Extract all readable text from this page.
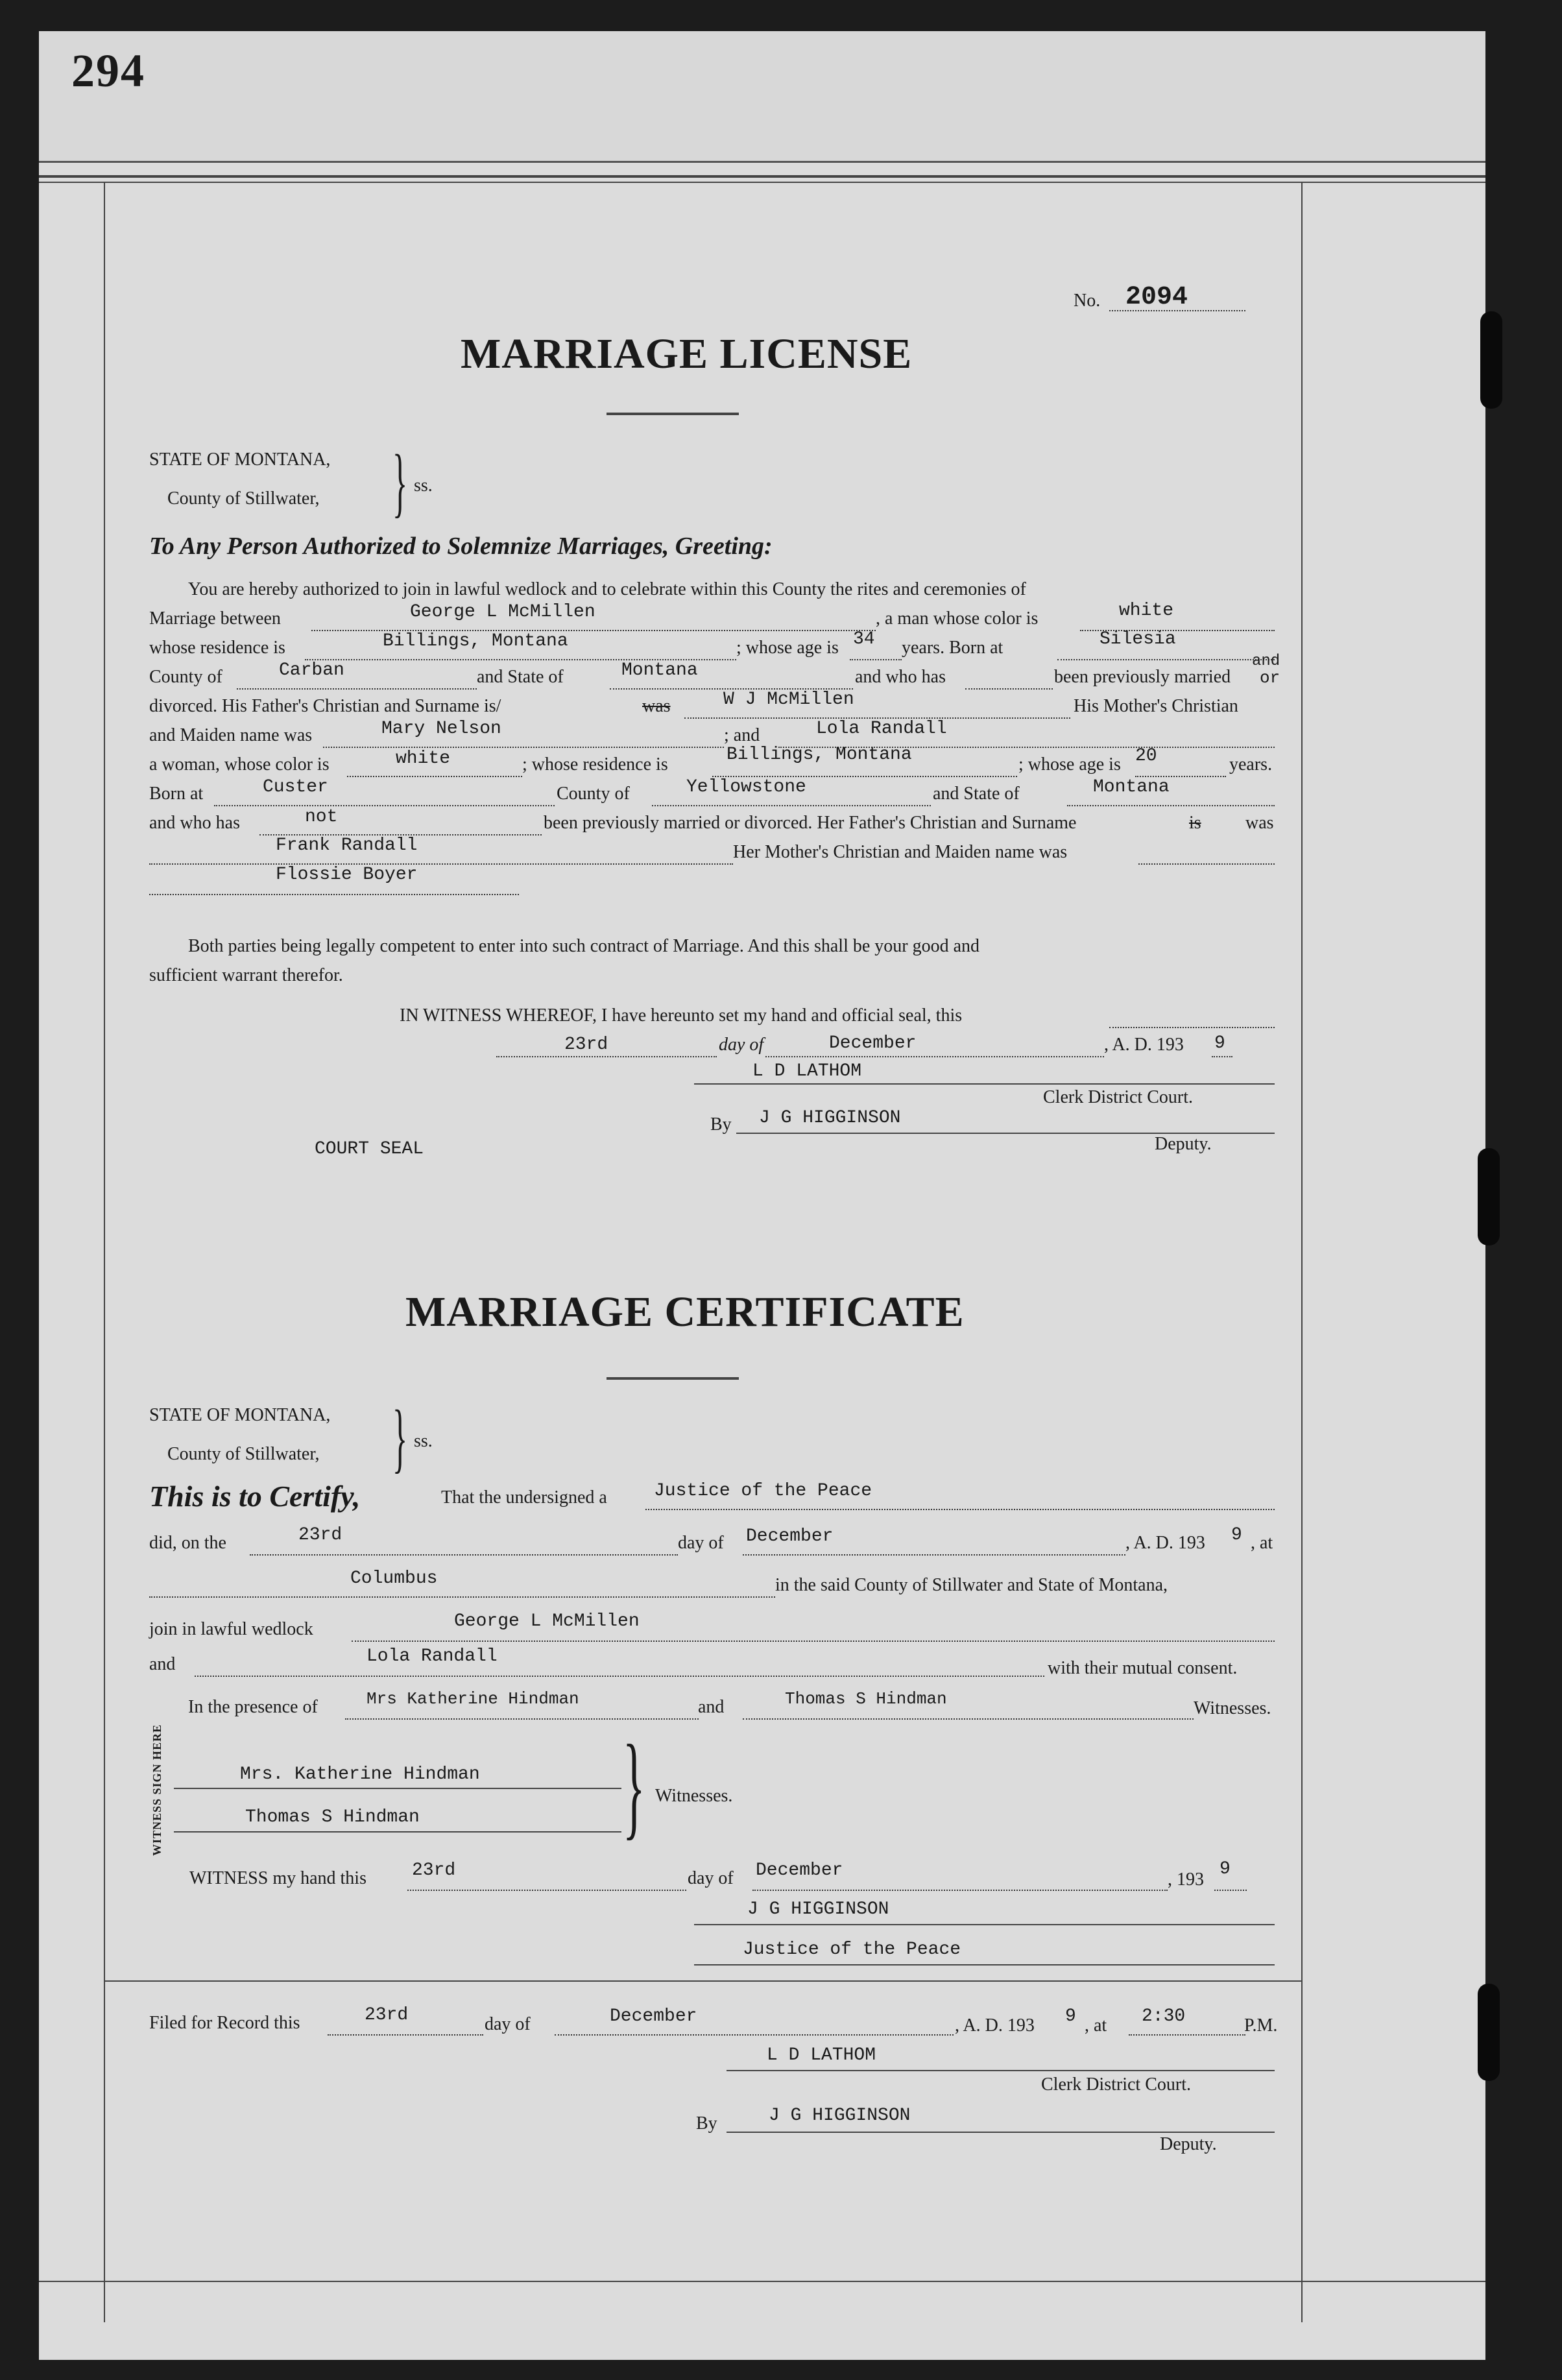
294
No. 2094
MARRIAGE LICENSE
STATE OF MONTANA,
County of Stillwater, } ss.
To Any Person Authorized to Solemnize Marriages, Greeting:
You are hereby authorized to join in lawful wedlock and to celebrate within this County the rites and ceremonies of
Marriage between	George L McMillen	, a man whose color is	white
whose residence is	Billings, Montana	; whose age is 34 years. Born at	Silesia
County of	Carban	and State of	Montana	and who has	been previously married
and
or
divorced. His Father's Christian and Surname is/	was	W J McMillen	His Mother's Christian
and Maiden name was	Mary Nelson	; and	Lola Randall
a woman, whose color is	white	; whose residence is	Billings, Montana	; whose age is 20	years.
Born at	Custer	County of	Yellowstone	and State of	Montana
and who has	not	been previously married or divorced. Her Father's Christian and Surname	is was
Frank Randall	Her Mother's Christian and Maiden name was
Flossie Boyer
Both parties being legally competent to enter into such contract of Marriage. And this shall be your good and
sufficient warrant therefor.
IN WITNESS WHEREOF, I have hereunto set my hand and official seal, this
23rd	day of	December	, A. D. 193 9
L D LATHOM
Clerk District Court.
By J G HIGGINSON
Deputy.
COURT SEAL
MARRIAGE CERTIFICATE
STATE OF MONTANA,
County of Stillwater, } ss.
This is to Certify,	That the undersigned a	Justice of the Peace
did, on the	23rd	day of December	, A. D. 193 9 , at
Columbus	in the said County of Stillwater and State of Montana,
join in lawful wedlock	George L McMillen
and	Lola Randall
with their mutual consent.
In the presence of	Mrs Katherine Hindman	and	Thomas S Hindman	Witnesses.
WITNESS SIGN HERE	Mrs. Katherine Hindman
Thomas S Hindman } Witnesses.
WITNESS my hand this	23rd	day of December	, 193
9
J G HIGGINSON
Justice of the Peace
Filed for Record this	23rd	day of	December	, A. D. 193 9 , at 2:30	P.M.
L D LATHOM
Clerk District Court.
By	J G HIGGINSON
Deputy.
